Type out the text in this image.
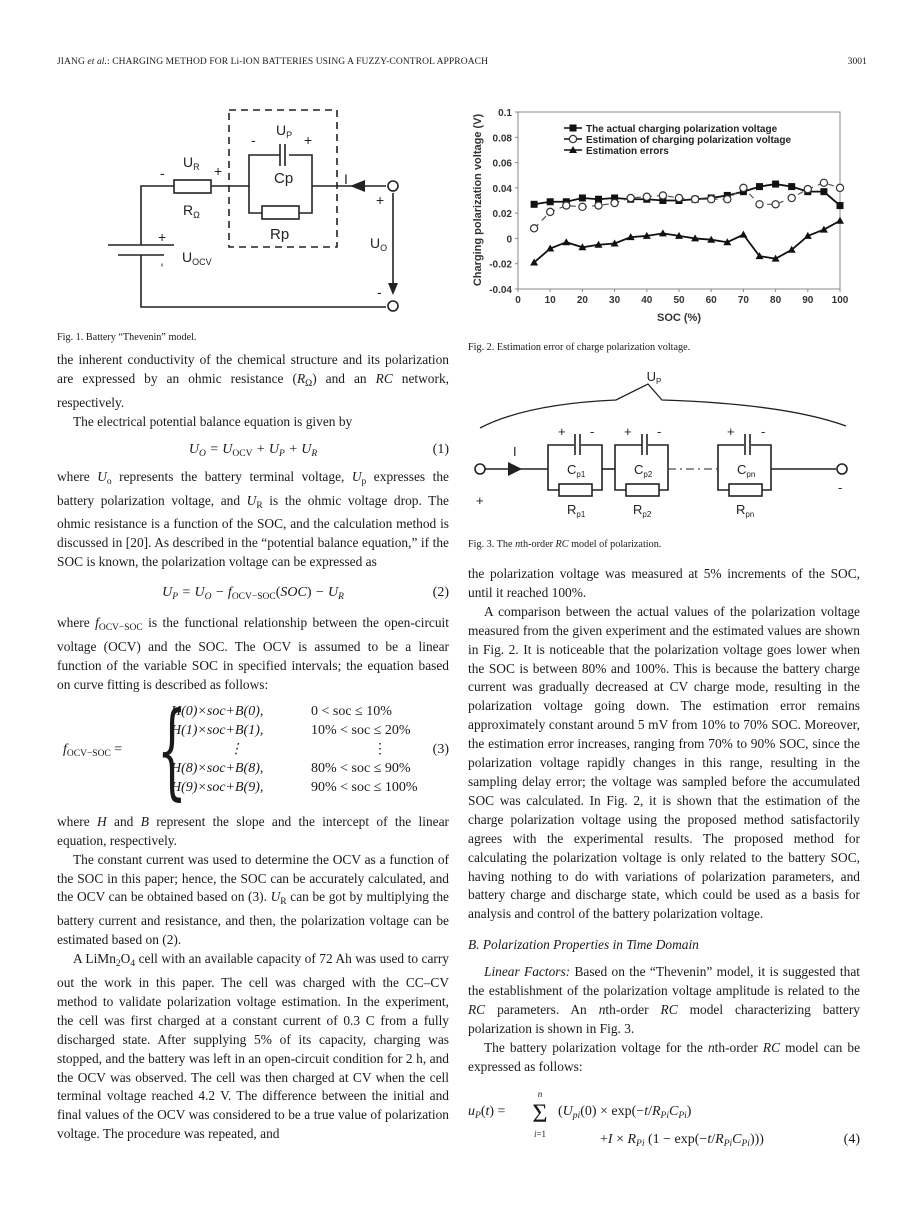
JIANG et al.: CHARGING METHOD FOR Li-ION BATTERIES USING A FUZZY-CONTROL APPROACH	3001
$U_P$
-	+
Cp
Rp
$U_R$
-	+
$R_\Omega$
+
- $U_{OCV}$
I
+
$U_O$
-
Fig. 1. Battery “Thevenin” model.
-0.04
-0.02
0
0.02
0.04
0.06
0.08
0.1
0 10 20 30 40 50 60 70 80 90 100
The actual charging polarization voltage
Estimation of charging polarization voltage
Estimation errors
Charging polarization voltage (V)
SOC (%)
Fig. 2. Estimation error of charge polarization voltage.
$U_P$
I
+
-
+ - + -	+ -
$C_{p1}$	$C_{p2}$	$C_{pn}$
$R_{p1}$	$R_{p2}$	$R_{pn}$
Fig. 3. The nth-order RC model of polarization.

the inherent conductivity of the chemical structure and its polarization are expressed by an ohmic resistance $(R_\Omega)$ and an RC network, respectively.

The electrical potential balance equation is given by

$U_O = U_{OCV} + U_P + U_R$	(1)

where $U_o$ represents the battery terminal voltage, $U_p$ expresses the battery polarization voltage, and $U_R$ is the ohmic voltage drop. The ohmic resistance is a function of the SOC, and the calculation method is discussed in [20]. As described in the “potential balance equation,” if the SOC is known, the polarization voltage can be expressed as

$U_P = U_O - f_{OCV-SOC}(SOC) - U_R$	(2)

where $f_{OCV-SOC}$ is the functional relationship between the open-circuit voltage (OCV) and the SOC. The OCV is assumed to be a linear function of the variable SOC in specified intervals; the equation based on curve fitting is described as follows:

$f_{OCV-SOC}$ = {
H(0)×soc+B(0),	0 < soc ≤ 10%
H(1)×soc+B(1),	10% < soc ≤ 20%
⋮	⋮
H(8)×soc+B(8),	80% < soc ≤ 90%
H(9)×soc+B(9),	90% < soc ≤ 100%
(3)

where H and B represent the slope and the intercept of the linear equation, respectively.

The constant current was used to determine the OCV as a function of the SOC in this paper; hence, the SOC can be accurately calculated, and the OCV can be obtained based on (3). $U_R$ can be got by multiplying the battery current and resistance, and then, the polarization voltage can be estimated based on (2).

A $LiMn_2O_4$ cell with an available capacity of 72 Ah was used to carry out the work in this paper. The cell was charged with the CC–CV method to validate polarization voltage estimation. In the experiment, the cell was first charged at a constant current of 0.3 C from a fully discharged state. After supplying 5% of its capacity, charging was stopped, and the battery was left in an open-circuit condition for 2 h, and the OCV was observed. The cell was then charged at CV when the cell terminal voltage reached 4.2 V. The difference between the initial and final values of the OCV was considered to be a true value of polarization voltage. The procedure was repeated, and

the polarization voltage was measured at 5% increments of the SOC, until it reached 100%.

A comparison between the actual values of the polarization voltage measured from the given experiment and the estimated values are shown in Fig. 2. It is noticeable that the polarization voltage goes lower when the SOC is between 80% and 100%. This is because the battery charge current was gradually decreased at CV charge mode, resulting in the polarization voltage going down. The estimation error remains approximately constant around 5 mV from 10% to 70% SOC. Moreover, the estimation error increases, ranging from 70% to 90% SOC, since the polarization voltage rapidly changes in this range, resulting in the sampling delay error; the voltage was sampled before the accumulated SOC was calculated. In Fig. 2, it is shown that the estimation of the charge polarization voltage using the proposed method satisfactorily agrees with the experimental results. The proposed method for calculating the polarization voltage is only related to the battery SOC, having nothing to do with variations of polarization parameters, and battery charge and discharge state, which could be used as a basis for analysis and control of the battery polarization voltage.

B. Polarization Properties in Time Domain

Linear Factors: Based on the “Thevenin” model, it is suggested that the establishment of the polarization voltage amplitude is related to the RC parameters. An nth-order RC model characterizing battery polarization is shown in Fig. 3.

The battery polarization voltage for the nth-order RC model can be expressed as follows:

$u_P(t)$ =
n
Σ
i=1
($U_{pi}(0) \times \exp(-t/R_{Pi}C_{Pi})$
$+I \times R_{Pi}$ $(1 - \exp(-t/R_{Pi}C_{Pi}))$)	(4)
